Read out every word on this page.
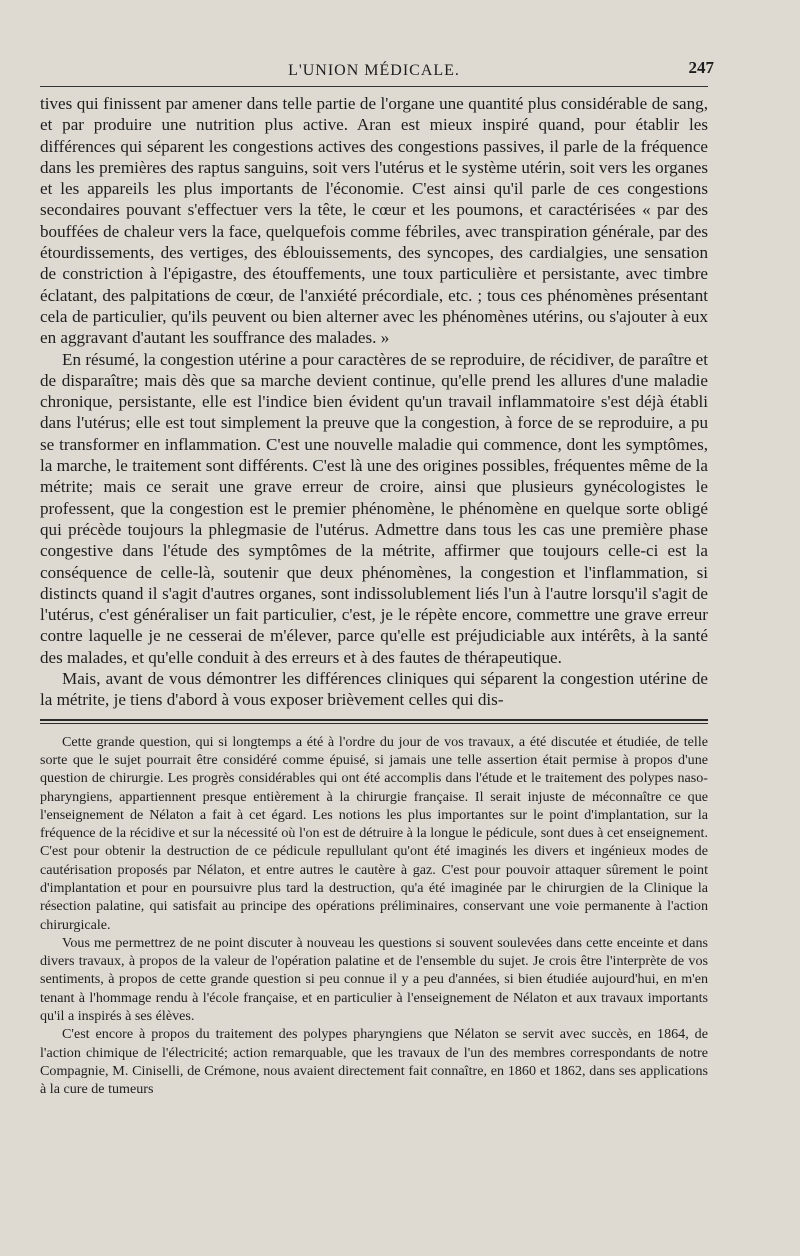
L'UNION MÉDICALE.	247

tives qui finissent par amener dans telle partie de l'organe une quantité plus considérable de sang, et par produire une nutrition plus active. Aran est mieux inspiré quand, pour établir les différences qui séparent les congestions actives des congestions passives, il parle de la fréquence dans les premières des raptus sanguins, soit vers l'utérus et le système utérin, soit vers les organes et les appareils les plus importants de l'économie. C'est ainsi qu'il parle de ces congestions secondaires pouvant s'effectuer vers la tête, le cœur et les poumons, et caractérisées « par des bouffées de chaleur vers la face, quelquefois comme fébriles, avec transpiration générale, par des étourdissements, des vertiges, des éblouissements, des syncopes, des cardialgies, une sensation de constriction à l'épigastre, des étouffements, une toux particulière et persistante, avec timbre éclatant, des palpitations de cœur, de l'anxiété précordiale, etc. ; tous ces phénomènes présentant cela de particulier, qu'ils peuvent ou bien alterner avec les phénomènes utérins, ou s'ajouter à eux en aggravant d'autant les souffrance des malades. »

En résumé, la congestion utérine a pour caractères de se reproduire, de récidiver, de paraître et de disparaître; mais dès que sa marche devient continue, qu'elle prend les allures d'une maladie chronique, persistante, elle est l'indice bien évident qu'un travail inflammatoire s'est déjà établi dans l'utérus; elle est tout simplement la preuve que la congestion, à force de se reproduire, a pu se transformer en inflammation. C'est une nouvelle maladie qui commence, dont les symptômes, la marche, le traitement sont différents. C'est là une des origines possibles, fréquentes même de la métrite; mais ce serait une grave erreur de croire, ainsi que plusieurs gynécologistes le professent, que la congestion est le premier phénomène, le phénomène en quelque sorte obligé qui précède toujours la phlegmasie de l'utérus. Admettre dans tous les cas une première phase congestive dans l'étude des symptômes de la métrite, affirmer que toujours celle-ci est la conséquence de celle-là, soutenir que deux phénomènes, la congestion et l'inflammation, si distincts quand il s'agit d'autres organes, sont indissolublement liés l'un à l'autre lorsqu'il s'agit de l'utérus, c'est généraliser un fait particulier, c'est, je le répète encore, commettre une grave erreur contre laquelle je ne cesserai de m'élever, parce qu'elle est préjudiciable aux intérêts, à la santé des malades, et qu'elle conduit à des erreurs et à des fautes de thérapeutique.

Mais, avant de vous démontrer les différences cliniques qui séparent la congestion utérine de la métrite, je tiens d'abord à vous exposer brièvement celles qui dis-

Cette grande question, qui si longtemps a été à l'ordre du jour de vos travaux, a été discutée et étudiée, de telle sorte que le sujet pourrait être considéré comme épuisé, si jamais une telle assertion était permise à propos d'une question de chirurgie. Les progrès considérables qui ont été accomplis dans l'étude et le traitement des polypes naso-pharyngiens, appartiennent presque entièrement à la chirurgie française. Il serait injuste de méconnaître ce que l'enseignement de Nélaton a fait à cet égard. Les notions les plus importantes sur le point d'implantation, sur la fréquence de la récidive et sur la nécessité où l'on est de détruire à la longue le pédicule, sont dues à cet enseignement. C'est pour obtenir la destruction de ce pédicule repullulant qu'ont été imaginés les divers et ingénieux modes de cautérisation proposés par Nélaton, et entre autres le cautère à gaz. C'est pour pouvoir attaquer sûrement le point d'implantation et pour en poursuivre plus tard la destruction, qu'a été imaginée par le chirurgien de la Clinique la résection palatine, qui satisfait au principe des opérations préliminaires, conservant une voie permanente à l'action chirurgicale.

Vous me permettrez de ne point discuter à nouveau les questions si souvent soulevées dans cette enceinte et dans divers travaux, à propos de la valeur de l'opération palatine et de l'ensemble du sujet. Je crois être l'interprète de vos sentiments, à propos de cette grande question si peu connue il y a peu d'années, si bien étudiée aujourd'hui, en m'en tenant à l'hommage rendu à l'école française, et en particulier à l'enseignement de Nélaton et aux travaux importants qu'il a inspirés à ses élèves.

C'est encore à propos du traitement des polypes pharyngiens que Nélaton se servit avec succès, en 1864, de l'action chimique de l'électricité; action remarquable, que les travaux de l'un des membres correspondants de notre Compagnie, M. Ciniselli, de Crémone, nous avaient directement fait connaître, en 1860 et 1862, dans ses applications à la cure de tumeurs
